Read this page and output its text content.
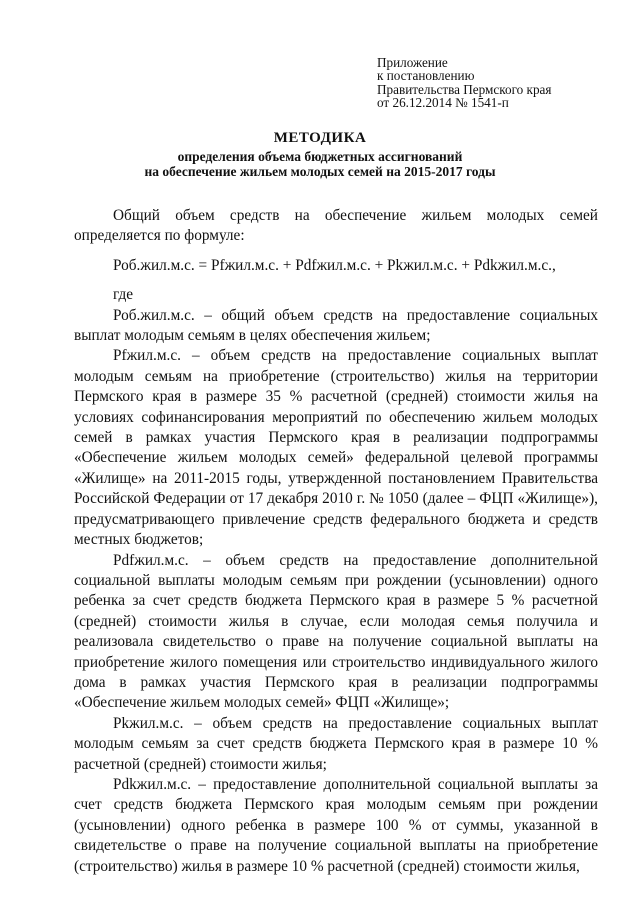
Приложение
к постановлению
Правительства Пермского края
от 26.12.2014 № 1541-п
МЕТОДИКА
определения объема бюджетных ассигнований
на обеспечение жильем молодых семей на 2015-2017 годы

Общий объем средств на обеспечение жильем молодых семей определяется по формуле:

Роб.жил.м.с. = Pfжил.м.с. + Pdfжил.м.с. + Pkжил.м.с. + Pdkжил.м.с.,

где

Роб.жил.м.с. – общий объем средств на предоставление социальных выплат молодым семьям в целях обеспечения жильем;

Pfжил.м.с. – объем средств на предоставление социальных выплат молодым семьям на приобретение (строительство) жилья на территории Пермского края в размере 35 % расчетной (средней) стоимости жилья на условиях софинансирования мероприятий по обеспечению жильем молодых семей в рамках участия Пермского края в реализации подпрограммы «Обеспечение жильем молодых семей» федеральной целевой программы «Жилище» на 2011-2015 годы, утвержденной постановлением Правительства Российской Федерации от 17 декабря 2010 г. № 1050 (далее – ФЦП «Жилище»), предусматривающего привлечение средств федерального бюджета и средств местных бюджетов;

Pdfжил.м.с. – объем средств на предоставление дополнительной социальной выплаты молодым семьям при рождении (усыновлении) одного ребенка за счет средств бюджета Пермского края в размере 5 % расчетной (средней) стоимости жилья в случае, если молодая семья получила и реализовала свидетельство о праве на получение социальной выплаты на приобретение жилого помещения или строительство индивидуального жилого дома в рамках участия Пермского края в реализации подпрограммы «Обеспечение жильем молодых семей» ФЦП «Жилище»;

Pkжил.м.с. – объем средств на предоставление социальных выплат молодым семьям за счет средств бюджета Пермского края в размере 10 % расчетной (средней) стоимости жилья;

Pdkжил.м.с. – предоставление дополнительной социальной выплаты за счет средств бюджета Пермского края молодым семьям при рождении (усыновлении) одного ребенка в размере 100 % от суммы, указанной в свидетельстве о праве на получение социальной выплаты на приобретение (строительство) жилья в размере 10 % расчетной (средней) стоимости жилья,
